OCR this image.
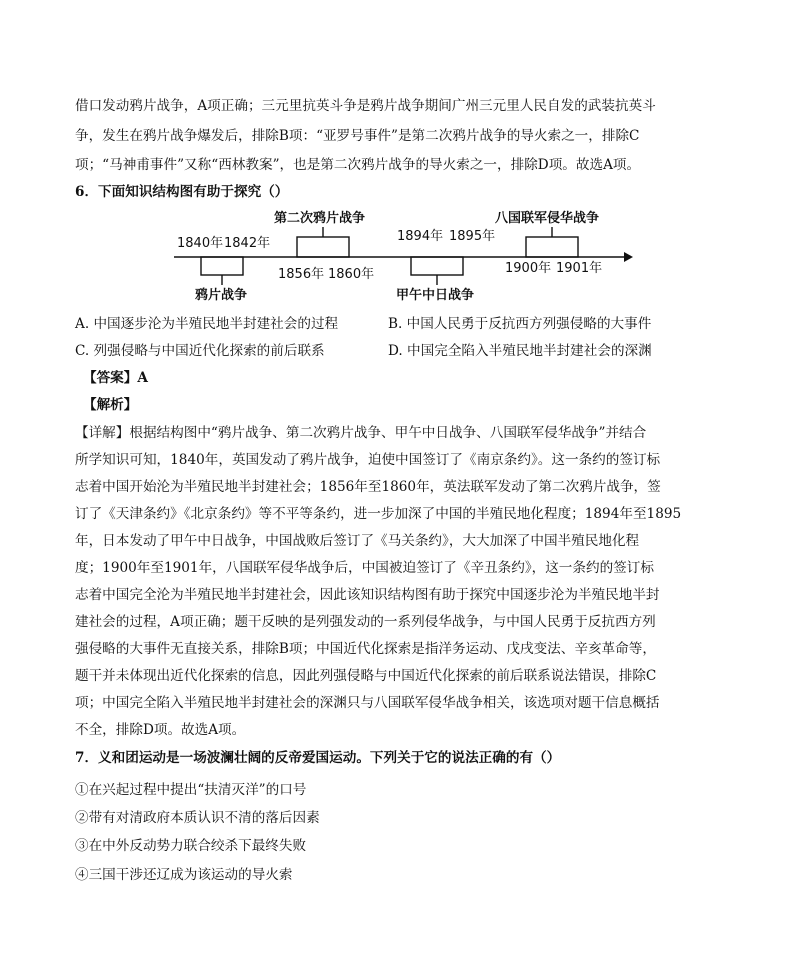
借口发动鸦片战争，A项正确；三元里抗英斗争是鸦片战争期间广州三元里人民自发的武装抗英斗
争，发生在鸦片战争爆发后，排除B项：“亚罗号事件”是第二次鸦片战争的导火索之一，排除C
项；“马神甫事件”又称“西林教案”，也是第二次鸦片战争的导火索之一，排除D项。故选A项。
6．下面知识结构图有助于探究（）
1840年 1842年
鸦片战争
第二次鸦片战争
1856年 1860年
1894年 1895年
甲午中日战争
八国联军侵华战争
1900年 1901年
A. 中国逐步沦为半殖民地半封建社会的过程	B. 中国人民勇于反抗西方列强侵略的大事件
C. 列强侵略与中国近代化探索的前后联系	D. 中国完全陷入半殖民地半封建社会的深渊
【答案】A
【解析】
【详解】根据结构图中“鸦片战争、第二次鸦片战争、甲午中日战争、八国联军侵华战争”并结合
所学知识可知，1840年，英国发动了鸦片战争，迫使中国签订了《南京条约》。这一条约的签订标
志着中国开始沦为半殖民地半封建社会；1856年至1860年，英法联军发动了第二次鸦片战争，签
订了《天津条约》《北京条约》等不平等条约，进一步加深了中国的半殖民地化程度；1894年至1895
年，日本发动了甲午中日战争，中国战败后签订了《马关条约》，大大加深了中国半殖民地化程
度；1900年至1901年，八国联军侵华战争后，中国被迫签订了《辛丑条约》，这一条约的签订标
志着中国完全沦为半殖民地半封建社会，因此该知识结构图有助于探究中国逐步沦为半殖民地半封
建社会的过程，A项正确；题干反映的是列强发动的一系列侵华战争，与中国人民勇于反抗西方列
强侵略的大事件无直接关系，排除B项；中国近代化探索是指洋务运动、戊戌变法、辛亥革命等，
题干并未体现出近代化探索的信息，因此列强侵略与中国近代化探索的前后联系说法错误，排除C
项；中国完全陷入半殖民地半封建社会的深渊只与八国联军侵华战争相关，该选项对题干信息概括
不全，排除D项。故选A项。
7．义和团运动是一场波澜壮阔的反帝爱国运动。下列关于它的说法正确的有（）
①在兴起过程中提出“扶清灭洋”的口号
②带有对清政府本质认识不清的落后因素
③在中外反动势力联合绞杀下最终失败
④三国干涉还辽成为该运动的导火索
